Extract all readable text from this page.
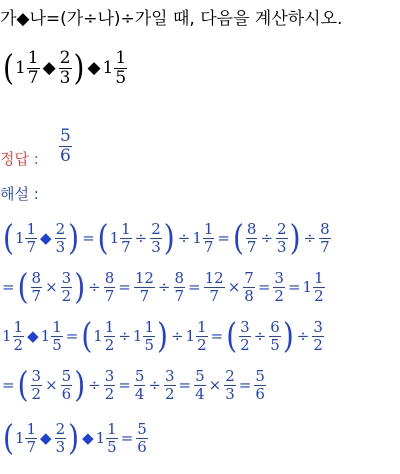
가◆나=(가÷나)÷가일 때, 다음을 계산하시오.
( $1 \frac{1}{7}$ ◆ $\frac{2}{3}$ ) ◆ $1 \frac{1}{5}$
정답 : $\frac{5}{6}$
해설 :
( $1 \frac{1}{7}$ ◆ $\frac{2}{3}$ ) = ( $1 \frac{1}{7} \div \frac{2}{3}$ ) ÷ $1 \frac{1}{7}$ = ( $\frac{8}{7} \div \frac{2}{3}$ ) ÷ $\frac{8}{7}$
= ( $\frac{8}{7} \times \frac{3}{2}$ ) ÷ $\frac{8}{7} = \frac{12}{7} \div \frac{8}{7} = \frac{12}{7} \times \frac{7}{8} = \frac{3}{2} = 1 \frac{1}{2}$
$1 \frac{1}{2}$ ◆ $1 \frac{1}{5}$ = ( $1 \frac{1}{2} \div 1 \frac{1}{5}$ ) ÷ $1 \frac{1}{2}$ = ( $\frac{3}{2} \div \frac{6}{5}$ ) ÷ $\frac{3}{2}$
= ( $\frac{3}{2} \times \frac{5}{6}$ ) ÷ $\frac{3}{2} = \frac{5}{4} \div \frac{3}{2} = \frac{5}{4} \times \frac{2}{3} = \frac{5}{6}$
( $1 \frac{1}{7}$ ◆ $\frac{2}{3}$ ) ◆ $1 \frac{1}{5} = \frac{5}{6}$
